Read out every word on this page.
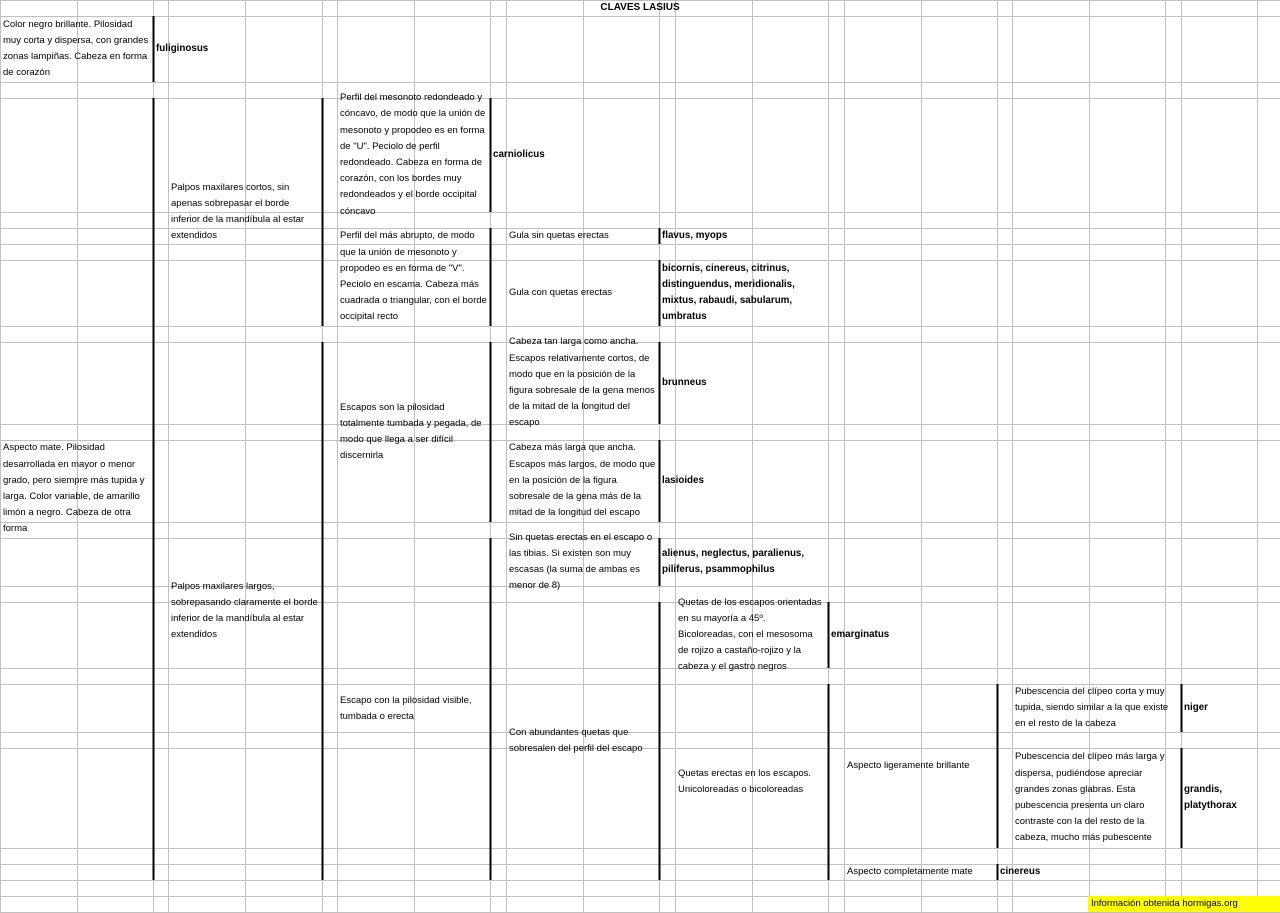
CLAVES LASIUS
Color negro brillante. Pilosidad muy corta y dispersa, con grandes zonas lampiñas. Cabeza en forma de corazón
fuliginosus
Aspecto mate. Pilosidad desarrollada en mayor o menor grado, pero siempre más tupida y larga. Color variable, de amarillo limón a negro. Cabeza de otra forma
Palpos maxilares cortos, sin apenas sobrepasar el borde inferior de la mandíbula al estar extendidos
Palpos maxilares largos, sobrepasando claramente el borde inferior de la mandíbula al estar extendidos
Perfil del mesonoto redondeado y cóncavo, de modo que la unión de mesonoto y propodeo es en forma de "U". Peciolo de perfil redondeado. Cabeza en forma de corazón, con los bordes muy redondeados y el borde occipital cóncavo
carniolicus
Perfil del más abrupto, de modo que la unión de mesonoto y propodeo es en forma de "V". Peciolo en escama. Cabeza más cuadrada o triangular, con el borde occipital recto
Escapos son la pilosidad totalmente tumbada y pegada, de modo que llega a ser difícil discernirla
Escapo con la pilosidad visible, tumbada o erecta
Gula sin quetas erectas	flavus, myops
Gula con quetas erectas
bicornis, cinereus, citrinus, distinguendus, meridionalis, mixtus, rabaudi, sabularum, umbratus
Cabeza tan larga como ancha. Escapos relativamente cortos, de modo que en la posición de la figura sobresale de la gena menos de la mitad de la longitud del escapo
brunneus
Cabeza más larga que ancha. Escapos más largos, de modo que en la posición de la figura sobresale de la gena más de la mitad de la longitud del escapo
lasioides
Sin quetas erectas en el escapo o las tibias. Si existen son muy escasas (la suma de ambas es menor de 8)
alienus, neglectus, paralienus, piliferus, psammophilus
Con abundantes quetas que sobresalen del perfil del escapo
Quetas de los escapos orientadas en su mayoría a 45º. Bicoloreadas, con el mesosoma de rojizo a castaño-rojizo y la cabeza y el gastro negros
emarginatus
Quetas erectas en los escapos. Unicoloreadas o bicoloreadas
Aspecto ligeramente brillante
Aspecto completamente mate	cinereus
Pubescencia del clípeo corta y muy tupida, siendo similar a la que existe en el resto de la cabeza
niger
Pubescencia del clípeo más larga y dispersa, pudiéndose apreciar grandes zonas glabras. Esta pubescencia presenta un claro contraste con la del resto de la cabeza, mucho más pubescente
grandis, platythorax
Información obtenida hormigas.org
